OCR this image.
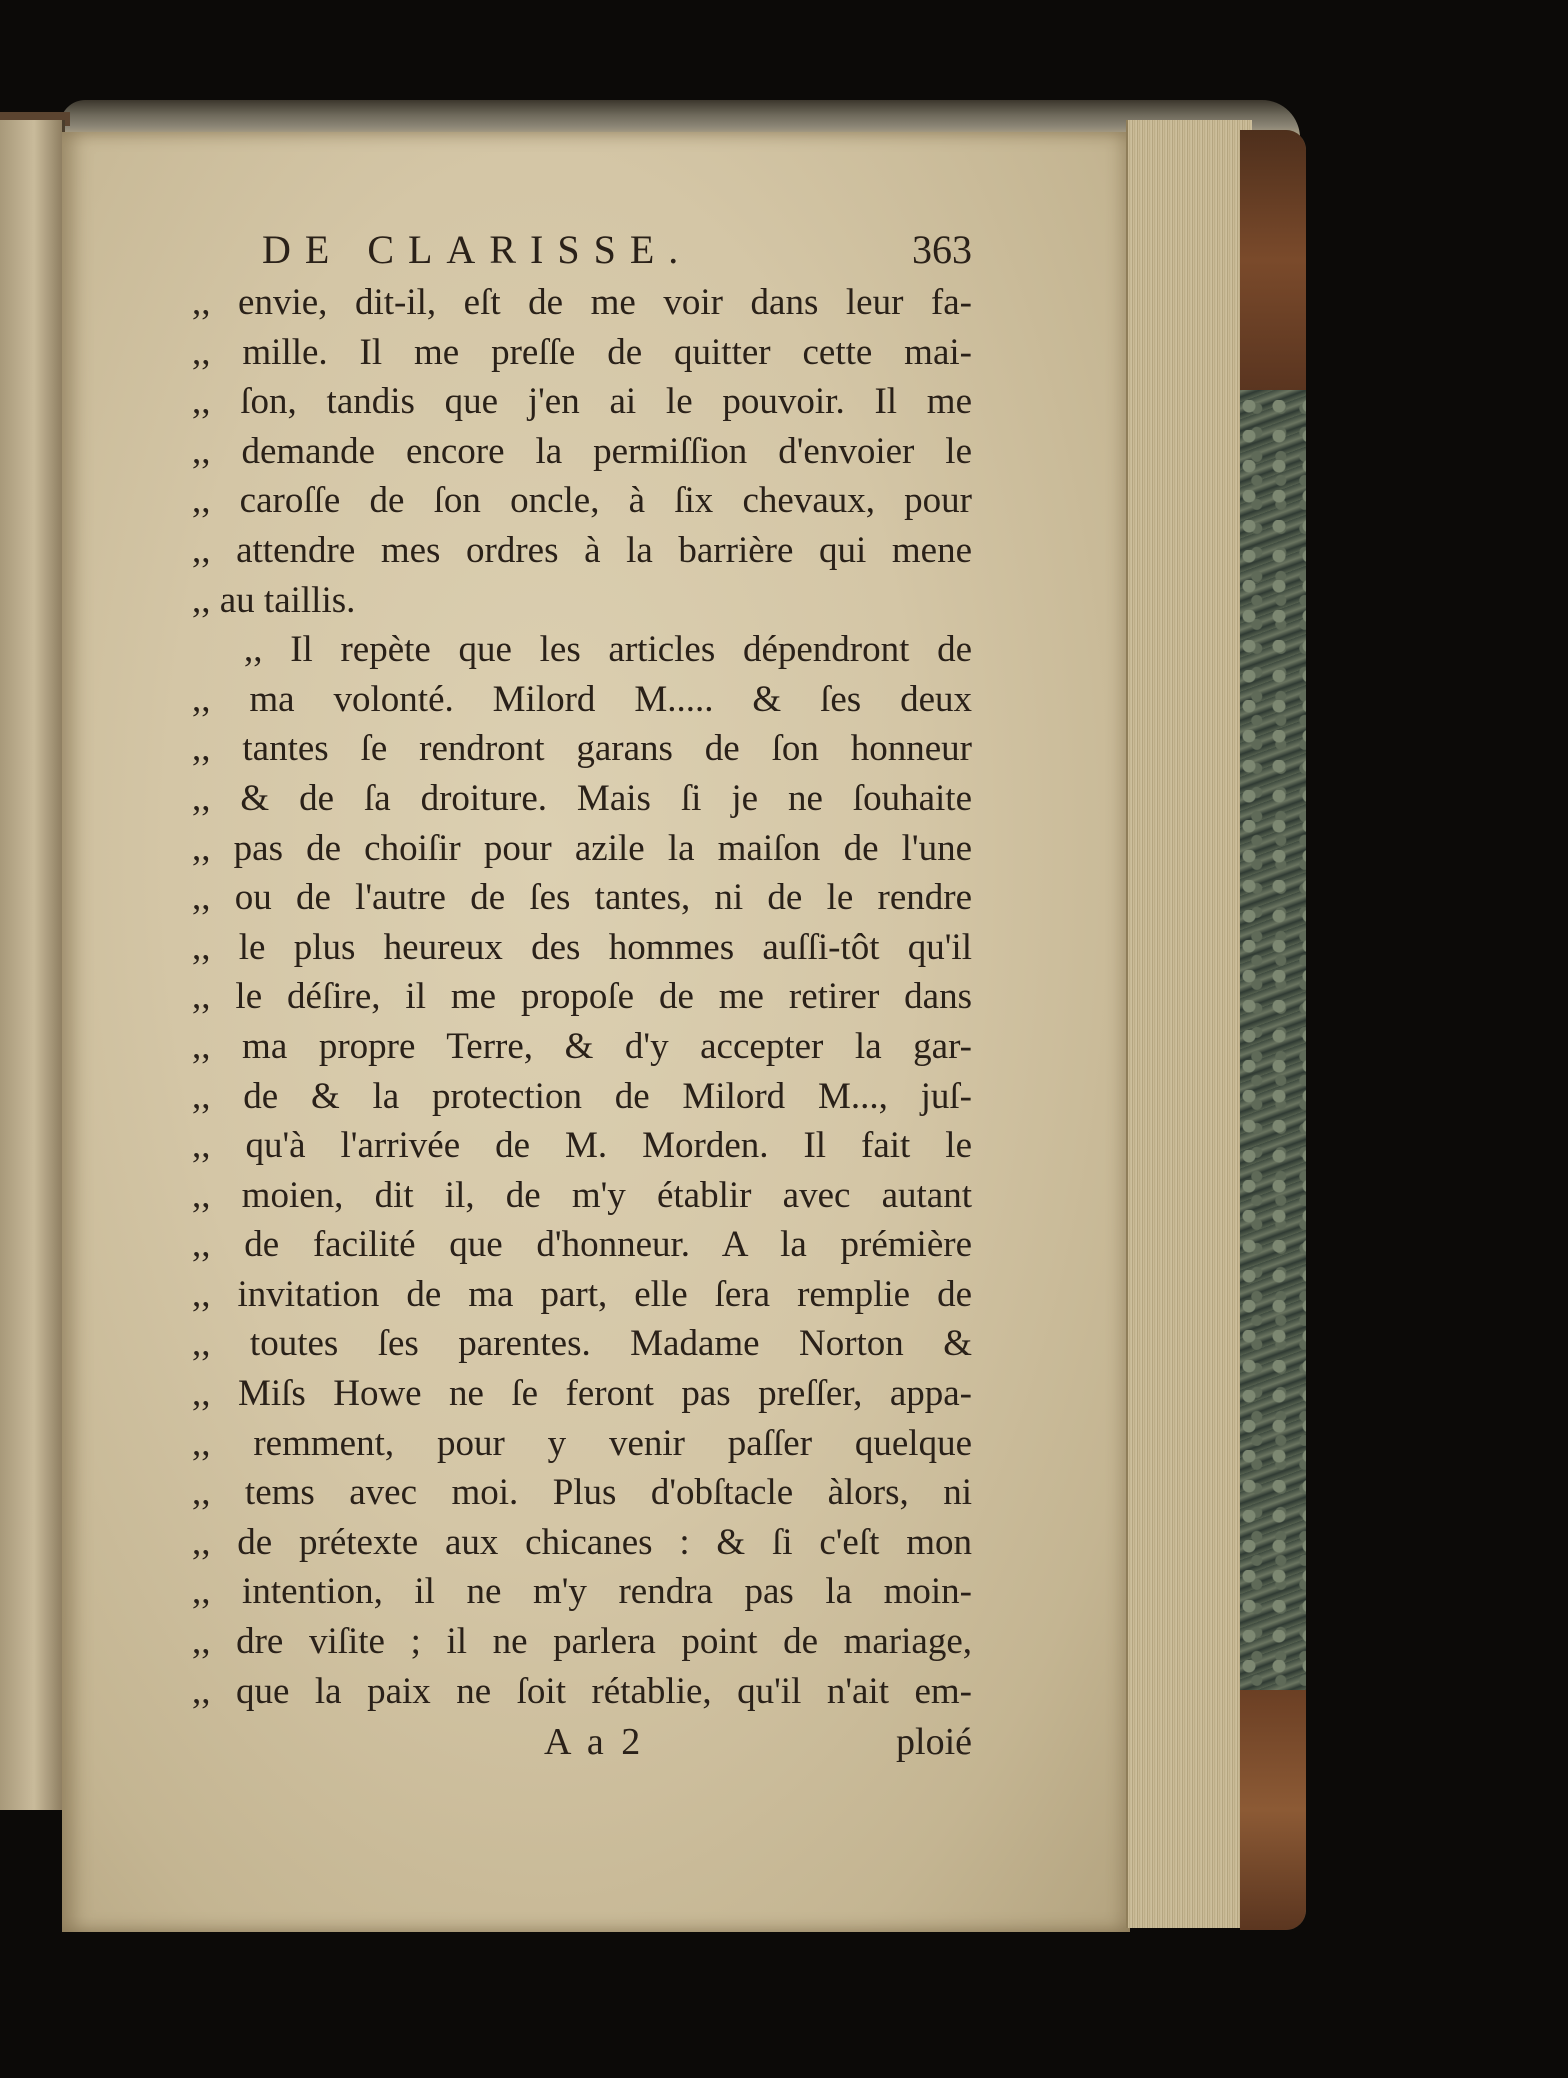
DE CLARISSE.	363
,, envie, dit-il, eſt de me voir dans leur fa-
,, mille. Il me preſſe de quitter cette mai-
,, ſon, tandis que j'en ai le pouvoir. Il me
,, demande encore la permiſſion d'envoier le
,, caroſſe de ſon oncle, à ſix chevaux, pour
,, attendre mes ordres à la barrière qui mene
,, au taillis.
,, Il repète que les articles dépendront de
,, ma volonté. Milord M..... & ſes deux
,, tantes ſe rendront garans de ſon honneur
,, & de ſa droiture. Mais ſi je ne ſouhaite
,, pas de choiſir pour azile la maiſon de l'une
,, ou de l'autre de ſes tantes, ni de le rendre
,, le plus heureux des hommes auſſi-tôt qu'il
,, le déſire, il me propoſe de me retirer dans
,, ma propre Terre, & d'y accepter la gar-
,, de & la protection de Milord M..., juſ-
,, qu'à l'arrivée de M. Morden. Il fait le
,, moien, dit il, de m'y établir avec autant
,, de facilité que d'honneur. A la prémière
,, invitation de ma part, elle ſera remplie de
,, toutes ſes parentes. Madame Norton &
,, Miſs Howe ne ſe feront pas preſſer, appa-
,, remment, pour y venir paſſer quelque
,, tems avec moi. Plus d'obſtacle àlors, ni
,, de prétexte aux chicanes : & ſi c'eſt mon
,, intention, il ne m'y rendra pas la moin-
,, dre viſite ; il ne parlera point de mariage,
,, que la paix ne ſoit rétablie, qu'il n'ait em-
A a 2	ploié
